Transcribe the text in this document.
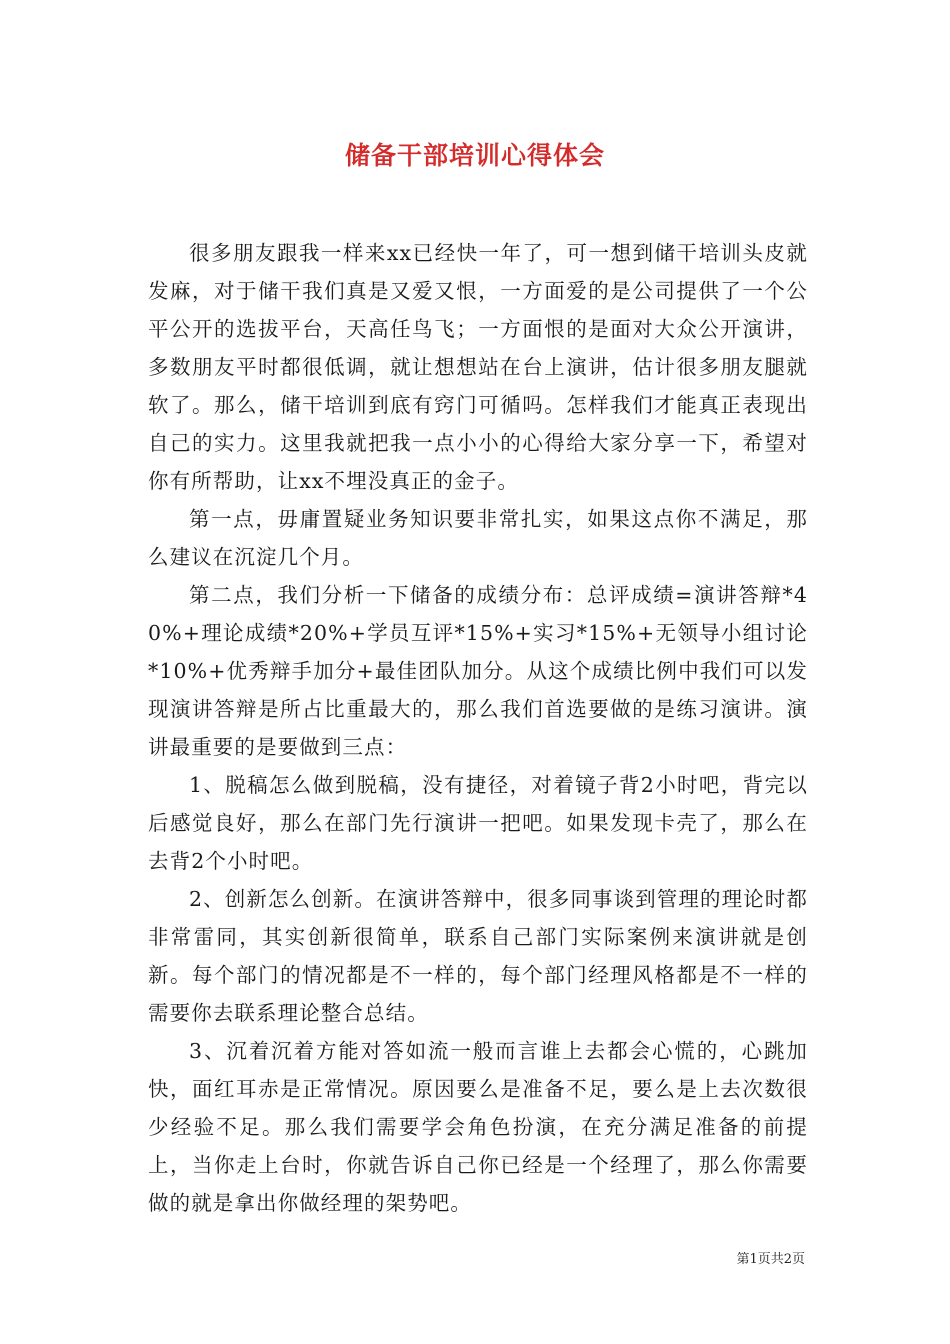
储备干部培训心得体会

很多朋友跟我一样来xx已经快一年了，可一想到储干培训头皮就发麻，对于储干我们真是又爱又恨，一方面爱的是公司提供了一个公平公开的选拔平台，天高任鸟飞；一方面恨的是面对大众公开演讲，多数朋友平时都很低调，就让想想站在台上演讲，估计很多朋友腿就软了。那么，储干培训到底有窍门可循吗。怎样我们才能真正表现出自己的实力。这里我就把我一点小小的心得给大家分享一下，希望对你有所帮助，让xx不埋没真正的金子。

第一点，毋庸置疑业务知识要非常扎实，如果这点你不满足，那么建议在沉淀几个月。

第二点，我们分析一下储备的成绩分布：总评成绩=演讲答辩*40%+理论成绩*20%+学员互评*15%+实习*15%+无领导小组讨论*10%+优秀辩手加分+最佳团队加分。从这个成绩比例中我们可以发现演讲答辩是所占比重最大的，那么我们首选要做的是练习演讲。演讲最重要的是要做到三点：

1、脱稿怎么做到脱稿，没有捷径，对着镜子背2小时吧，背完以后感觉良好，那么在部门先行演讲一把吧。如果发现卡壳了，那么在去背2个小时吧。

2、创新怎么创新。在演讲答辩中，很多同事谈到管理的理论时都非常雷同，其实创新很简单，联系自己部门实际案例来演讲就是创新。每个部门的情况都是不一样的，每个部门经理风格都是不一样的需要你去联系理论整合总结。

3、沉着沉着方能对答如流一般而言谁上去都会心慌的，心跳加快，面红耳赤是正常情况。原因要么是准备不足，要么是上去次数很少经验不足。那么我们需要学会角色扮演，在充分满足准备的前提上，当你走上台时，你就告诉自己你已经是一个经理了，那么你需要做的就是拿出你做经理的架势吧。

第1页共2页
